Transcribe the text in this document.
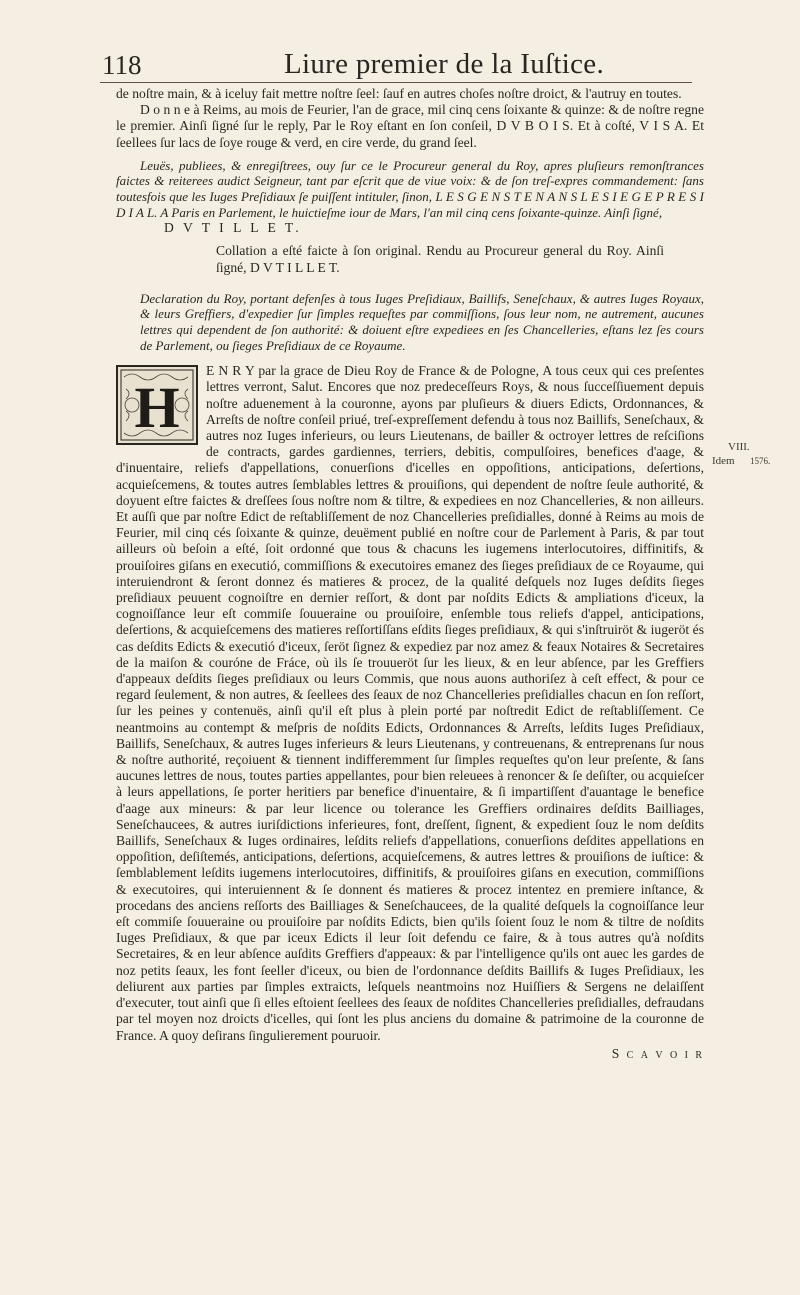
118	Liure premier de la Iuſtice.
VIII.
Idem 1576.

de noſtre main, & à iceluy fait mettre noſtre ſeel: ſauf en autres choſes noſtre droict, & l'autruy en toutes.

D o n n e à Reims, au mois de Feurier, l'an de grace, mil cinq cens ſoixante & quinze: & de noſtre regne le premier. Ainſi ſigné ſur le reply, Par le Roy eſtant en ſon conſeil, D V B O I S. Et à coſté, V I S A. Et ſeellees ſur lacs de ſoye rouge & verd, en cire verde, du grand ſeel.

Leuës, publiees, & enregiſtrees, ouy ſur ce le Procureur general du Roy, apres pluſieurs remonſtrances faictes & reiterees audict Seigneur, tant par eſcrit que de viue voix: & de ſon treſ-expres commandement: ſans toutesfois que les Iuges Preſidiaux ſe puiſſent intituler, ſinon, L E S G E N S T E N A N S L E S I E G E P R E S I D I A L. A Paris en Parlement, le huictieſme iour de Mars, l'an mil cinq cens ſoixante-quinze. Ainſi ſigné,

D V T I L L E T.

Collation a eſté faicte à ſon original. Rendu au Procureur general du Roy. Ainſi ſigné, D V T I L L E T.

Declaration du Roy, portant defenſes à tous Iuges Preſidiaux, Baillifs, Seneſchaux, & autres Iuges Royaux, & leurs Greffiers, d'expedier ſur ſimples requeſtes par commiſſions, ſous leur nom, ne autrement, aucunes lettres qui dependent de ſon authorité: & doiuent eſtre expediees en ſes Chancelleries, eſtans lez ſes cours de Parlement, ou ſieges Preſidiaux de ce Royaume.

H

E N R Y par la grace de Dieu Roy de France & de Pologne, A tous ceux qui ces preſentes lettres verront, Salut. Encores que noz predeceſſeurs Roys, & nous ſucceſſiuement depuis noſtre aduenement à la couronne, ayons par pluſieurs & diuers Edicts, Ordonnances, & Arreſts de noſtre conſeil priué, treſ-expreſſement defendu à tous noz Baillifs, Seneſchaux, & autres noz Iuges inferieurs, ou leurs Lieutenans, de bailler & octroyer lettres de reſciſions de contracts, gardes gardiennes, terriers, debitis, compulſoires, benefices d'aage, & d'inuentaire, reliefs d'appellations, conuerſions d'icelles en oppoſitions, anticipations, deſertions, acquieſcemens, & toutes autres ſemblables lettres & prouiſions, qui dependent de noſtre ſeule authorité, & doyuent eſtre faictes & dreſſees ſous noſtre nom & tiltre, & expediees en noz Chancelleries, & non ailleurs. Et auſſi que par noſtre Edict de reſtabliſſement de noz Chancelleries preſidialles, donné à Reims au mois de Feurier, mil cinq cés ſoixante & quinze, deuëment publié en noſtre cour de Parlement à Paris, & par tout ailleurs où beſoin a eſté, ſoit ordonné que tous & chacuns les iugemens interlocutoires, diffinitifs, & prouiſoires giſans en executió, commiſſions & executoires emanez des ſieges preſidiaux de ce Royaume, qui interuiendront & ſeront donnez és matieres & procez, de la qualité deſquels noz Iuges deſdits ſieges preſidiaux peuuent cognoiſtre en dernier reſſort, & dont par noſdits Edicts & ampliations d'iceux, la cognoiſſance leur eſt commiſe ſouueraine ou prouiſoire, enſemble tous reliefs d'appel, anticipations, deſertions, & acquieſcemens des matieres reſſortiſſans eſdits ſieges preſidiaux, & qui s'inſtruiröt & iugeröt és cas deſdits Edicts & executió d'iceux, ſeröt ſignez & expediez par noz amez & feaux Notaires & Secretaires de la maiſon & couróne de Fráce, où ils ſe trouueröt ſur les lieux, & en leur abſence, par les Greffiers d'appeaux deſdits ſieges preſidiaux ou leurs Commis, que nous auons authoriſez à ceſt effect, & pour ce regard ſeulement, & non autres, & ſeellees des ſeaux de noz Chancelleries preſidialles chacun en ſon reſſort, ſur les peines y contenuës, ainſi qu'il eſt plus à plein porté par noſtredit Edict de reſtabliſſement. Ce neantmoins au contempt & meſpris de noſdits Edicts, Ordonnances & Arreſts, leſdits Iuges Preſidiaux, Baillifs, Seneſchaux, & autres Iuges inferieurs & leurs Lieutenans, y contreuenans, & entreprenans ſur nous & noſtre authorité, reçoiuent & tiennent indifferemment ſur ſimples requeſtes qu'on leur preſente, & ſans aucunes lettres de nous, toutes parties appellantes, pour bien releuees à renoncer & ſe deſiſter, ou acquieſcer à leurs appellations, ſe porter heritiers par benefice d'inuentaire, & ſi impartiſſent d'auantage le benefice d'aage aux mineurs: & par leur licence ou tolerance les Greffiers ordinaires deſdits Bailliages, Seneſchaucees, & autres iuriſdictions inferieures, font, dreſſent, ſignent, & expedient ſouz le nom deſdits Baillifs, Seneſchaux & Iuges ordinaires, leſdits reliefs d'appellations, conuerſions deſdites appellations en oppoſition, deſiſtemés, anticipations, deſertions, acquieſcemens, & autres lettres & prouiſions de iuſtice: & ſemblablement leſdits iugemens interlocutoires, diffinitifs, & prouiſoires giſans en execution, commiſſions & executoires, qui interuiennent & ſe donnent és matieres & procez intentez en premiere inſtance, & procedans des anciens reſſorts des Bailliages & Seneſchaucees, de la qualité deſquels la cognoiſſance leur eſt commiſe ſouueraine ou prouiſoire par noſdits Edicts, bien qu'ils ſoient ſouz le nom & tiltre de noſdits Iuges Preſidiaux, & que par iceux Edicts il leur ſoit defendu ce faire, & à tous autres qu'à noſdits Secretaires, & en leur abſence auſdits Greffiers d'appeaux: & par l'intelligence qu'ils ont auec les gardes de noz petits ſeaux, les font ſeeller d'iceux, ou bien de l'ordonnance deſdits Baillifs & Iuges Preſidiaux, les deliurent aux parties par ſimples extraicts, leſquels neantmoins noz Huiſſiers & Sergens ne delaiſſent d'executer, tout ainſi que ſi elles eſtoient ſeellees des ſeaux de noſdites Chancelleries preſidialles, defraudans par tel moyen noz droicts d'icelles, qui ſont les plus anciens du domaine & patrimoine de la couronne de France. A quoy deſirans ſingulierement pouruoir.

S c a v o i r
